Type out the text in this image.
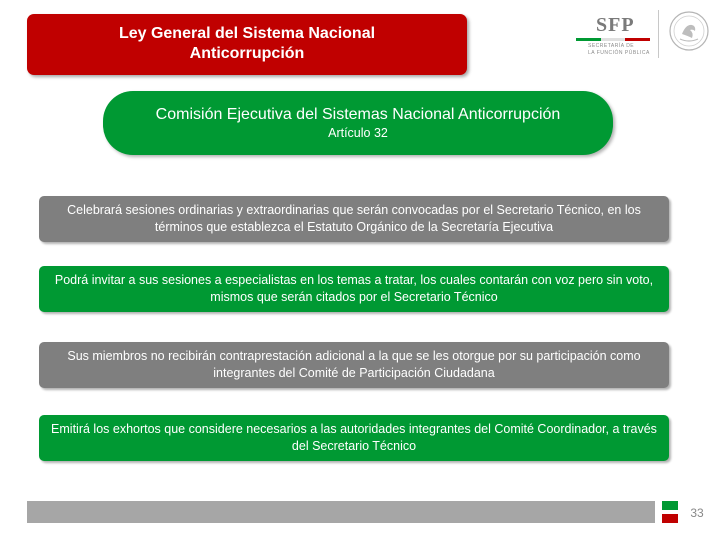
Ley General del Sistema Nacional Anticorrupción
SFP
SECRETARÍA DE
LA FUNCIÓN PÚBLICA
Comisión Ejecutiva del Sistemas Nacional Anticorrupción
Artículo 32
Celebrará sesiones ordinarias y extraordinarias que serán convocadas por el Secretario Técnico, en los términos que establezca el Estatuto Orgánico de la Secretaría Ejecutiva
Podrá invitar a sus sesiones a especialistas en los temas a tratar, los cuales contarán con voz pero sin voto, mismos que serán citados por el Secretario Técnico
Sus miembros no recibirán contraprestación adicional a la que se les otorgue por su participación como integrantes del Comité de Participación Ciudadana
Emitirá los exhortos que considere necesarios a las autoridades integrantes del Comité Coordinador, a través del Secretario Técnico
33
